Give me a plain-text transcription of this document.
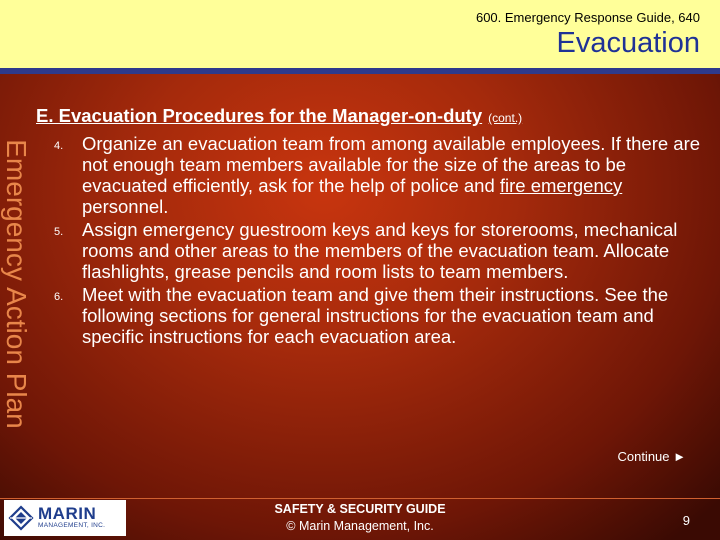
600. Emergency Response Guide, 640
Evacuation
Emergency Action Plan
E. Evacuation Procedures for the Manager-on-duty (cont.)
4. Organize an evacuation team from among available employees. If there are not enough team members available for the size of the areas to be evacuated efficiently, ask for the help of police and fire emergency personnel.
5. Assign emergency guestroom keys and keys for storerooms, mechanical rooms and other areas to the members of the evacuation team. Allocate flashlights, grease pencils and room lists to team members.
6. Meet with the evacuation team and give them their instructions. See the following sections for general instructions for the evacuation team and specific instructions for each evacuation area.
Continue ►
MARIN
MANAGEMENT, INC.
SAFETY & SECURITY GUIDE
© Marin Management, Inc.	9
